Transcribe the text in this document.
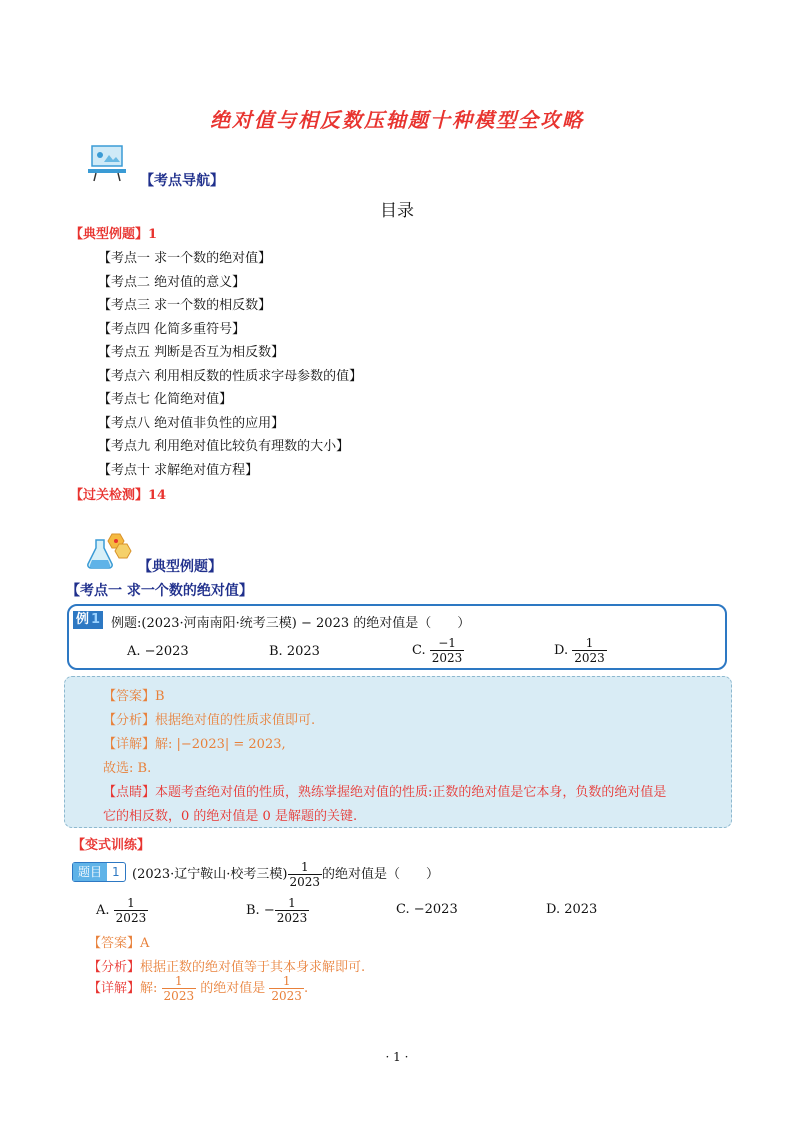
绝对值与相反数压轴题十种模型全攻略
【考点导航】
目录
【典型例题】1
【考点一 求一个数的绝对值】
【考点二 绝对值的意义】
【考点三 求一个数的相反数】
【考点四 化简多重符号】
【考点五 判断是否互为相反数】
【考点六 利用相反数的性质求字母参数的值】
【考点七 化简绝对值】
【考点八 绝对值非负性的应用】
【考点九 利用绝对值比较负有理数的大小】
【考点十 求解绝对值方程】
【过关检测】14
【典型例题】
【考点一 求一个数的绝对值】
例 1 例题:(2023·河南南阳·统考三模) − 2023 的绝对值是（　　）
A. −2023	B. 2023	C. $\frac{-1}{2023}$	D. $\frac{1}{2023}$
【答案】B
【分析】根据绝对值的性质求值即可.
【详解】解: |−2023| = 2023,
故选: B.
【点睛】本题考查绝对值的性质，熟练掌握绝对值的性质:正数的绝对值是它本身，负数的绝对值是
它的相反数，0 的绝对值是 0 是解题的关键.
【变式训练】
题目 1 (2023·辽宁鞍山·校考三模) $\frac{1}{2023}$ 的绝对值是（　　）
A. $\frac{1}{2023}$	B. − $\frac{1}{2023}$	C. −2023	D. 2023
【答案】A
【分析】根据正数的绝对值等于其本身求解即可.
【详解】解: $\frac{1}{2023}$ 的绝对值是 $\frac{1}{2023}$ .
· 1 ·
